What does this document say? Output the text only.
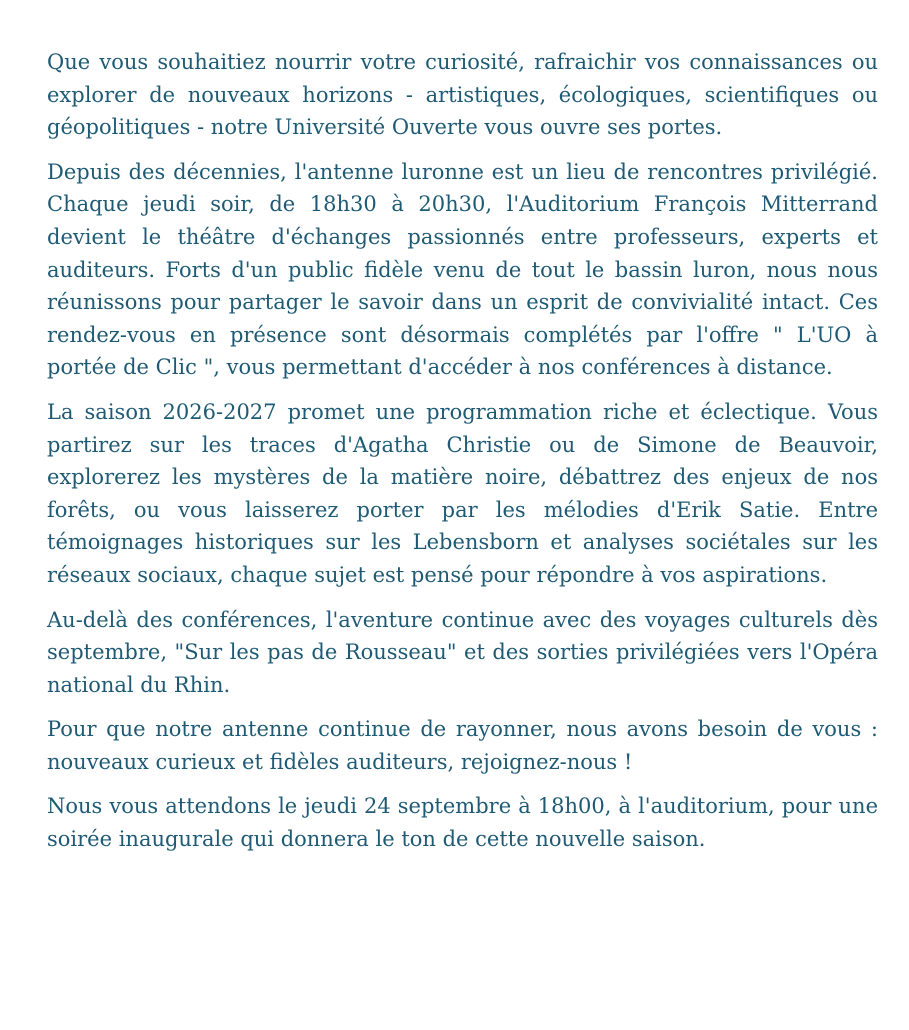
Que vous souhaitiez nourrir votre curiosité, rafraichir vos connaissances ou explorer de nouveaux horizons - artistiques, écologiques, scientifiques ou géopolitiques - notre Université Ouverte vous ouvre ses portes.

Depuis des décennies, l'antenne luronne est un lieu de rencontres privilégié. Chaque jeudi soir, de 18h30 à 20h30, l'Auditorium François Mitterrand devient le théâtre d'échanges passionnés entre professeurs, experts et auditeurs. Forts d'un public fidèle venu de tout le bassin luron, nous nous réunissons pour partager le savoir dans un esprit de convivialité intact. Ces rendez-vous en présence sont désormais complétés par l'offre " L'UO à portée de Clic ", vous permettant d'accéder à nos conférences à distance.

La saison 2026-2027 promet une programmation riche et éclectique. Vous partirez sur les traces d'Agatha Christie ou de Simone de Beauvoir, explorerez les mystères de la matière noire, débattrez des enjeux de nos forêts, ou vous laisserez porter par les mélodies d'Erik Satie. Entre témoignages historiques sur les Lebensborn et analyses sociétales sur les réseaux sociaux, chaque sujet est pensé pour répondre à vos aspirations.

Au-delà des conférences, l'aventure continue avec des voyages culturels dès septembre, "Sur les pas de Rousseau" et des sorties privilégiées vers l'Opéra national du Rhin.

Pour que notre antenne continue de rayonner, nous avons besoin de vous : nouveaux curieux et fidèles auditeurs, rejoignez-nous !

Nous vous attendons le jeudi 24 septembre à 18h00, à l'auditorium, pour une soirée inaugurale qui donnera le ton de cette nouvelle saison.
